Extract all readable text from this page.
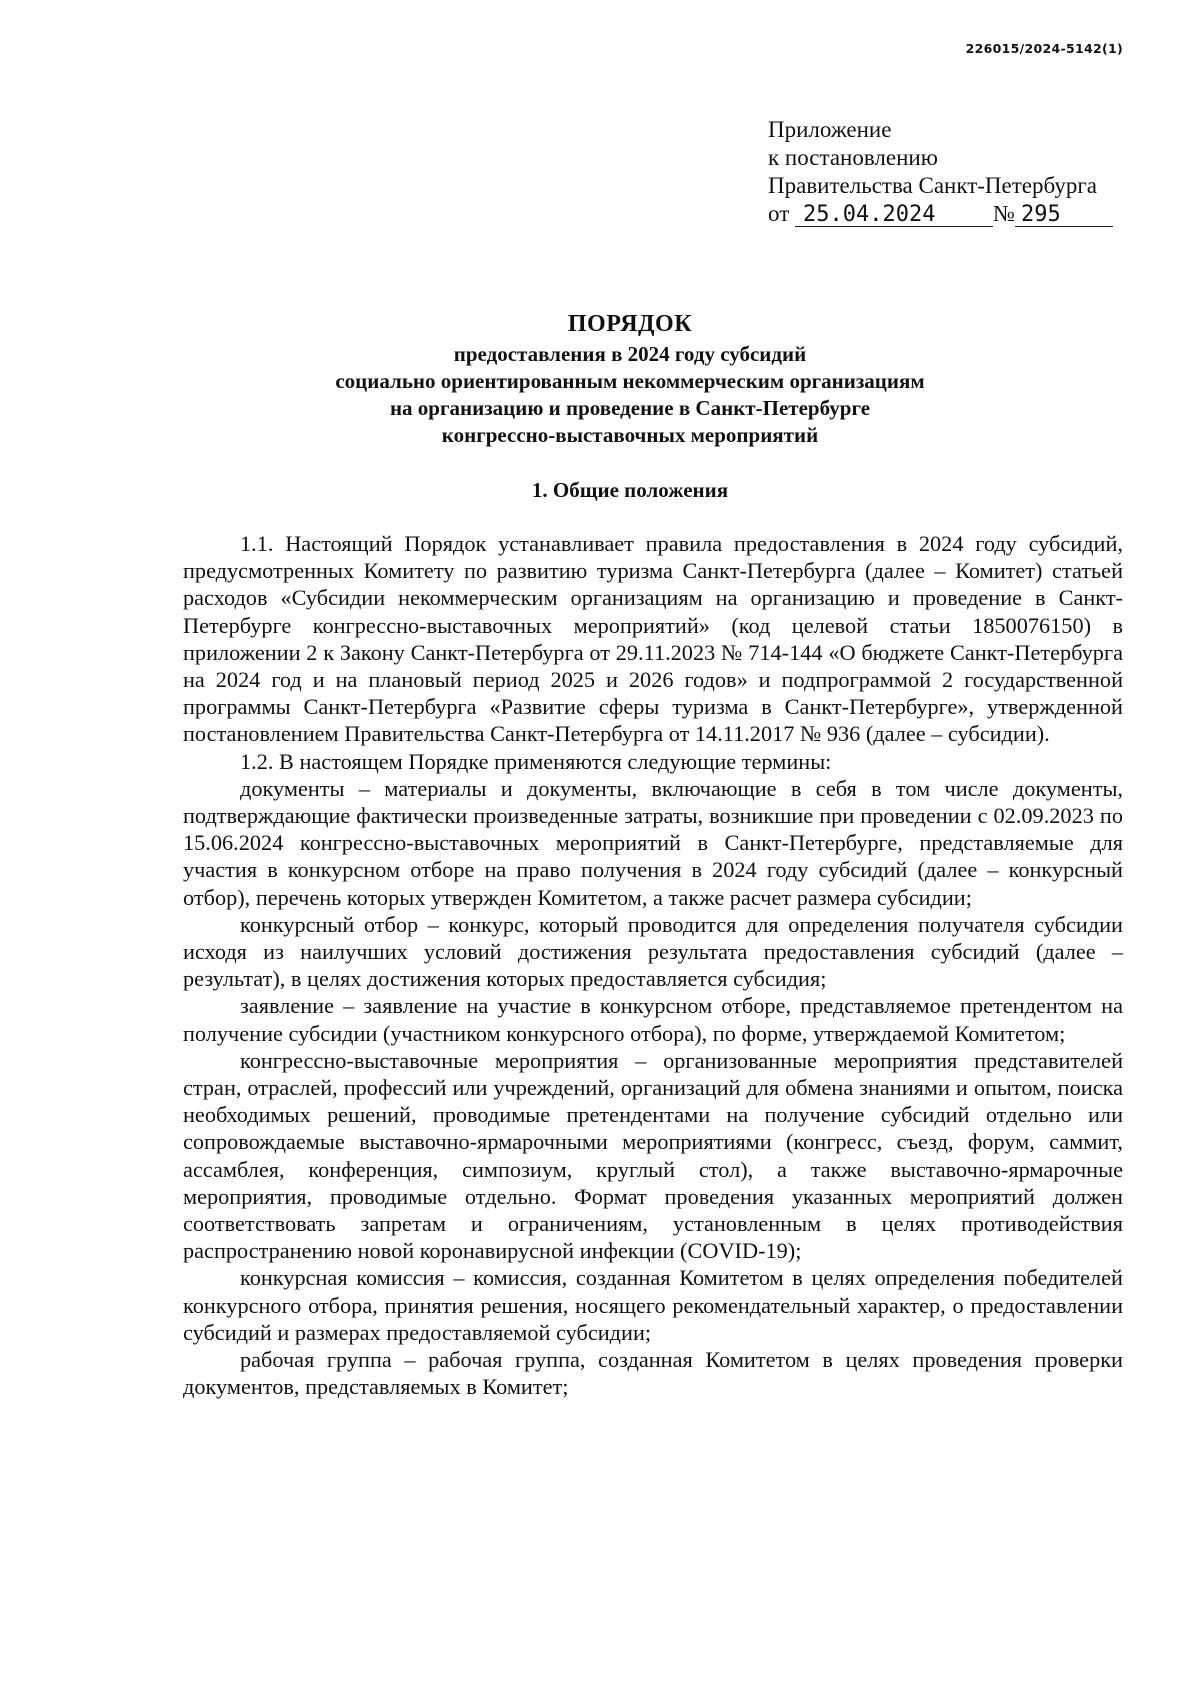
226015/2024-5142(1)
Приложение
к постановлению
Правительства Санкт-Петербурга
от 25.04.2024	№ 295
ПОРЯДОК
предоставления в 2024 году субсидий
социально ориентированным некоммерческим организациям
на организацию и проведение в Санкт-Петербурге
конгрессно-выставочных мероприятий
1. Общие положения

1.1. Настоящий Порядок устанавливает правила предоставления в 2024 году субсидий, предусмотренных Комитету по развитию туризма Санкт-Петербурга (далее – Комитет) статьей расходов «Субсидии некоммерческим организациям на организацию и проведение в Санкт-Петербурге конгрессно-выставочных мероприятий» (код целевой статьи 1850076150) в приложении 2 к Закону Санкт-Петербурга от 29.11.2023 № 714-144 «О бюджете Санкт-Петербурга на 2024 год и на плановый период 2025 и 2026 годов» и подпрограммой 2 государственной программы Санкт-Петербурга «Развитие сферы туризма в Санкт-Петербурге», утвержденной постановлением Правительства Санкт-Петербурга от 14.11.2017 № 936 (далее – субсидии).

1.2. В настоящем Порядке применяются следующие термины:

документы – материалы и документы, включающие в себя в том числе документы, подтверждающие фактически произведенные затраты, возникшие при проведении с 02.09.2023 по 15.06.2024 конгрессно-выставочных мероприятий в Санкт-Петербурге, представляемые для участия в конкурсном отборе на право получения в 2024 году субсидий (далее – конкурсный отбор), перечень которых утвержден Комитетом, а также расчет размера субсидии;

конкурсный отбор – конкурс, который проводится для определения получателя субсидии исходя из наилучших условий достижения результата предоставления субсидий (далее – результат), в целях достижения которых предоставляется субсидия;

заявление – заявление на участие в конкурсном отборе, представляемое претендентом на получение субсидии (участником конкурсного отбора), по форме, утверждаемой Комитетом;

конгрессно-выставочные мероприятия – организованные мероприятия представителей стран, отраслей, профессий или учреждений, организаций для обмена знаниями и опытом, поиска необходимых решений, проводимые претендентами на получение субсидий отдельно или сопровождаемые выставочно-ярмарочными мероприятиями (конгресс, съезд, форум, саммит, ассамблея, конференция, симпозиум, круглый стол), а также выставочно-ярмарочные мероприятия, проводимые отдельно. Формат проведения указанных мероприятий должен соответствовать запретам и ограничениям, установленным в целях противодействия распространению новой коронавирусной инфекции (COVID-19);

конкурсная комиссия – комиссия, созданная Комитетом в целях определения победителей конкурсного отбора, принятия решения, носящего рекомендательный характер, о предоставлении субсидий и размерах предоставляемой субсидии;

рабочая группа – рабочая группа, созданная Комитетом в целях проведения проверки документов, представляемых в Комитет;
